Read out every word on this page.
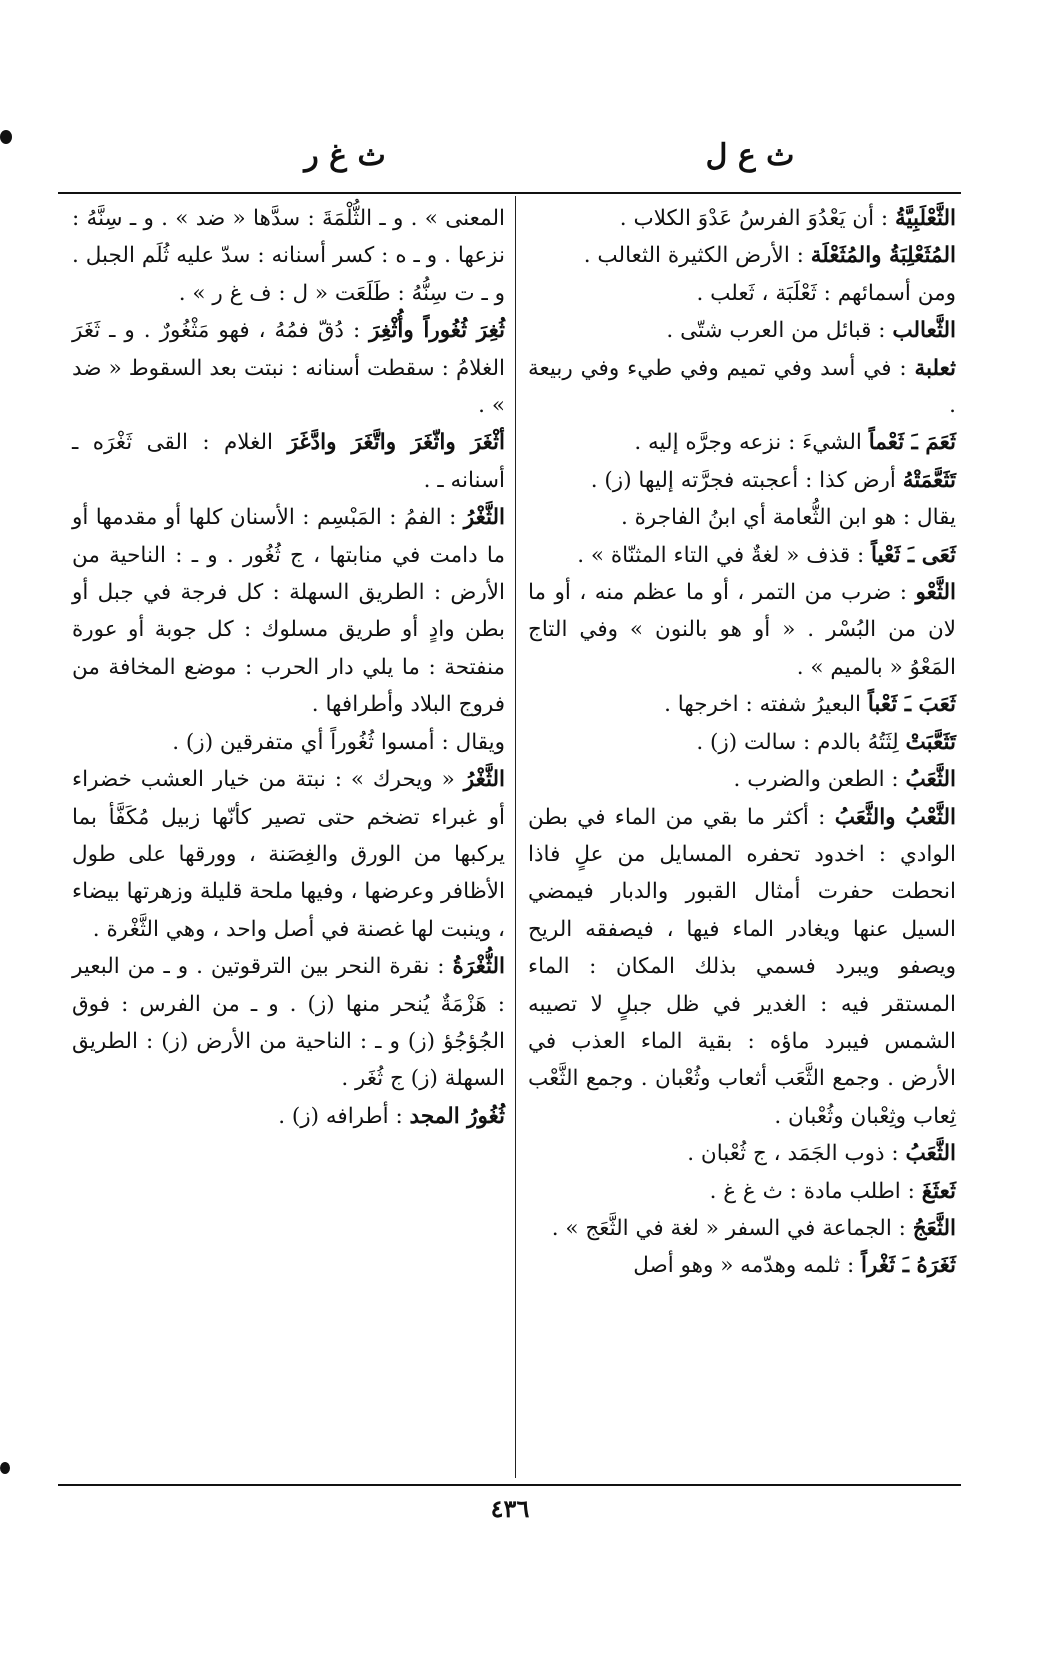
ث ع ل
ث غ ر

الثَّعْلَبِيَّةُ : أن يَعْدُوَ الفرسُ عَدْوَ الكلاب .

المُثَعْلِبَةُ والمُثَعْلَة : الأرض الكثيرة الثعالب .

ومن أسمائهم : ثَعْلَبَة ، ثَعلب .

الثَّعالب : قبائل من العرب شتّى .

ثعلبة : في أسد وفي تميم وفي طيء وفي ربيعة .

ثَعَمَ ـَ ثَعْماً الشيءَ : نزعه وجرَّه إليه .

تَثَعَّمَتْهُ أرض كذا : أعجبته فجرَّته إليها (ز) .

يقال : هو ابن الثُّعامة أي ابنُ الفاجرة .

ثَعَى ـَ ثَعْياً : قذف « لغةٌ في التاء المثنّاة » .

الثَّعْو : ضرب من التمر ، أو ما عظم منه ، أو ما لان من البُسْر . « أو هو بالنون » وفي التاج المَعْوُ « بالميم » .

ثَعَبَ ـَ ثَعْباً البعيرُ شفته : اخرجها .

تَثَعَّبَتْ لِثَتُهُ بالدم : سالت (ز) .

الثَّعَبُ : الطعن والضرب .

الثَّعْبُ والثَّعَبُ : أكثر ما بقي من الماء في بطن الوادي : اخدود تحفره المسايل من علٍ فاذا انحطت حفرت أمثال القبور والدبار فيمضي السيل عنها ويغادر الماء فيها ، فيصفقه الريح ويصفو ويبرد فسمي بذلك المكان : الماء المستقر فيه : الغدير في ظل جبلٍ لا تصيبه الشمس فيبرد ماؤه : بقية الماء العذب في الأرض . وجمع الثَّعَب أثعاب وثُعْبان . وجمع الثَّعْب ثِعاب وثِعْبان وثُعْبان .

الثَّعَبُ : ذوب الجَمَد ، ج ثُعْبان .

ثَعثَغَ : اطلب مادة : ث غ غ .

الثَّعَجُ : الجماعة في السفر « لغة في الثَّعَج » .

ثَغَرَهُ ـَ ثَغْراً : ثلمه وهدّمه « وهو أصل

المعنى » . و ـ الثُّلْمَةَ : سدَّها « ضد » . و ـ سِنَّهُ : نزعها . و ـ ه : كسر أسنانه : سدّ عليه ثُلَم الجبل . و ـ ت سِنُّهُ : طَلَعَت « ل : ف غ ر » .

ثُغِرَ ثُغُوراً وأُثْغِرَ : دُقّ فمُهُ ، فهو مَثْغُورٌ . و ـ ثَغَرَ الغلامُ : سقطت أسنانه : نبتت بعد السقوط « ضد » .

أثْغَرَ واثّغَرَ واتَّغَرَ وادَّغَرَ الغلام : القى ثَغْرَه ـ أسنانه ـ .

الثَّغْرُ : الفمُ : المَبْسِم : الأسنان كلها أو مقدمها أو ما دامت في منابتها ، ج ثُغُور . و ـ : الناحية من الأرض : الطريق السهلة : كل فرجة في جبل أو بطن وادٍ أو طريق مسلوك : كل جوبة أو عورة منفتحة : ما يلي دار الحرب : موضع المخافة من فروج البلاد وأطرافها .

ويقال : أمسوا ثُغُوراً أي متفرقين (ز) .

الثَّغْرُ « ويحرك » : نبتة من خيار العشب خضراء أو غبراء تضخم حتى تصير كأنّها زبيل مُكَفَّأ بما يركبها من الورق والغِصَنة ، وورقها على طول الأظافر وعرضها ، وفيها ملحة قليلة وزهرتها بيضاء ، وينبت لها غصنة في أصل واحد ، وهي الثَّغْرة .

الثُّغْرَةُ : نقرة النحر بين الترقوتين . و ـ من البعير : هَزْمَةٌ يُنحر منها (ز) . و ـ من الفرس : فوق الجُؤجُؤ (ز) و ـ : الناحية من الأرض (ز) : الطريق السهلة (ز) ج ثُغَر .

ثُغُورُ المجد : أطرافه (ز) .

٤٣٦
